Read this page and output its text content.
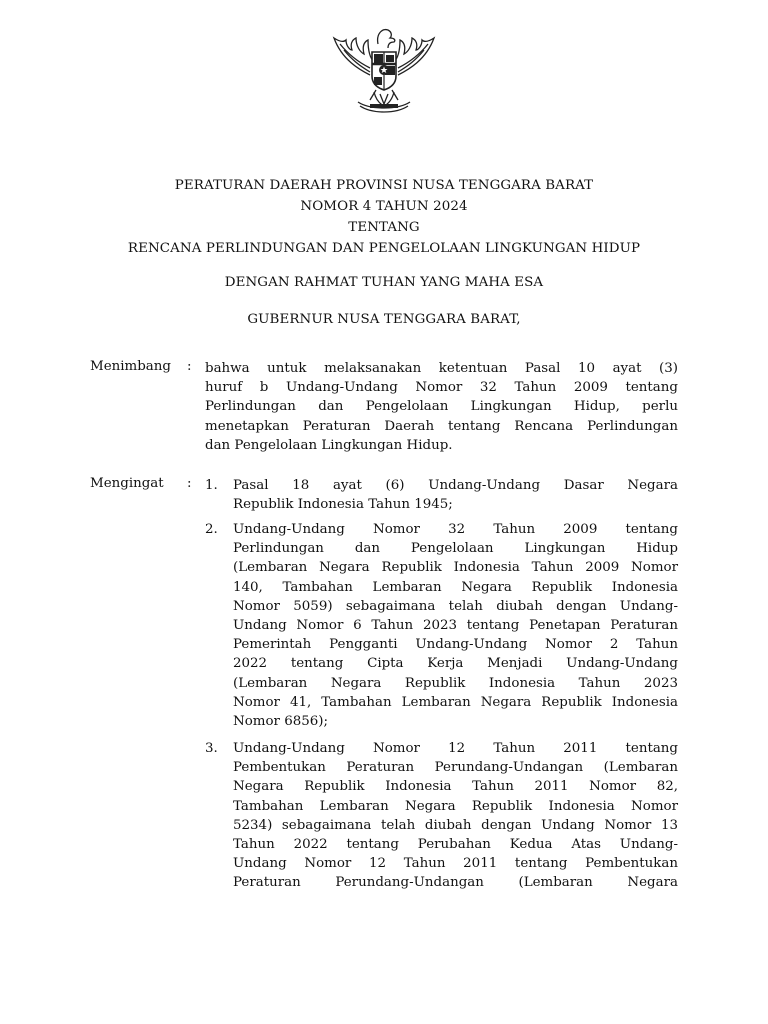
PERATURAN DAERAH PROVINSI NUSA TENGGARA BARAT
NOMOR 4 TAHUN 2024
TENTANG
RENCANA PERLINDUNGAN DAN PENGELOLAAN LINGKUNGAN HIDUP
DENGAN RAHMAT TUHAN YANG MAHA ESA
GUBERNUR NUSA TENGGARA BARAT,
Menimbang : bahwa untuk melaksanakan ketentuan Pasal 10 ayat (3)
huruf b Undang-Undang Nomor 32 Tahun 2009 tentang
Perlindungan dan Pengelolaan Lingkungan Hidup, perlu
menetapkan Peraturan Daerah tentang Rencana Perlindungan
dan Pengelolaan Lingkungan Hidup.
Mengingat : 1. Pasal 18 ayat (6) Undang-Undang Dasar Negara
Republik Indonesia Tahun 1945;
2. Undang-Undang Nomor 32 Tahun 2009 tentang
Perlindungan dan Pengelolaan Lingkungan Hidup
(Lembaran Negara Republik Indonesia Tahun 2009 Nomor
140, Tambahan Lembaran Negara Republik Indonesia
Nomor 5059) sebagaimana telah diubah dengan Undang-
Undang Nomor 6 Tahun 2023 tentang Penetapan Peraturan
Pemerintah Pengganti Undang-Undang Nomor 2 Tahun
2022 tentang Cipta Kerja Menjadi Undang-Undang
(Lembaran Negara Republik Indonesia Tahun 2023
Nomor 41, Tambahan Lembaran Negara Republik Indonesia
Nomor 6856);
3. Undang-Undang Nomor 12 Tahun 2011 tentang
Pembentukan Peraturan Perundang-Undangan (Lembaran
Negara Republik Indonesia Tahun 2011 Nomor 82,
Tambahan Lembaran Negara Republik Indonesia Nomor
5234) sebagaimana telah diubah dengan Undang Nomor 13
Tahun 2022 tentang Perubahan Kedua Atas Undang-
Undang Nomor 12 Tahun 2011 tentang Pembentukan
Peraturan Perundang-Undangan (Lembaran Negara
